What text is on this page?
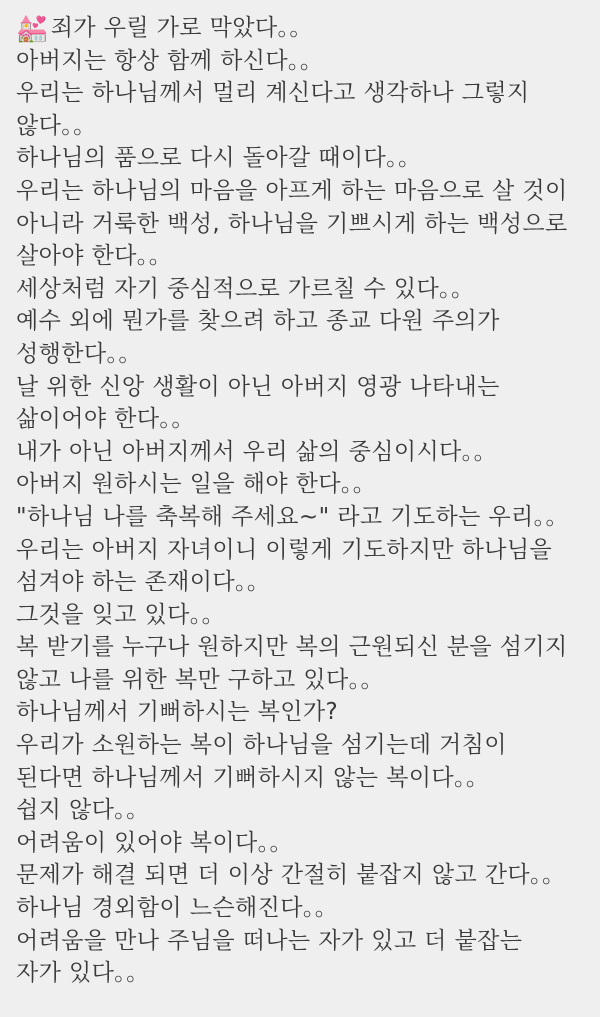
💒죄가 우릴 가로 막았다。。
아버지는 항상 함께 하신다。。
우리는 하나님께서 멀리 계신다고 생각하나 그렇지
않다。。
하나님의 품으로 다시 돌아갈 때이다。。
우리는 하나님의 마음을 아프게 하는 마음으로 살 것이
아니라 거룩한 백성, 하나님을 기쁘시게 하는 백성으로
살아야 한다。。
세상처럼 자기 중심적으로 가르칠 수 있다。。
예수 외에 뭔가를 찾으려 하고 종교 다원 주의가
성행한다。。
날 위한 신앙 생활이 아닌 아버지 영광 나타내는
삶이어야 한다。。
내가 아닌 아버지께서 우리 삶의 중심이시다。。
아버지 원하시는 일을 해야 한다。。
"하나님 나를 축복해 주세요~" 라고 기도하는 우리。。
우리는 아버지 자녀이니 이렇게 기도하지만 하나님을
섬겨야 하는 존재이다。。
그것을 잊고 있다。。
복 받기를 누구나 원하지만 복의 근원되신 분을 섬기지
않고 나를 위한 복만 구하고 있다。。
하나님께서 기뻐하시는 복인가?
우리가 소원하는 복이 하나님을 섬기는데 거침이
된다면 하나님께서 기뻐하시지 않는 복이다。。
쉽지 않다。。
어려움이 있어야 복이다。。
문제가 해결 되면 더 이상 간절히 붙잡지 않고 간다。。
하나님 경외함이 느슨해진다。。
어려움을 만나 주님을 떠나는 자가 있고 더 붙잡는
자가 있다。。
